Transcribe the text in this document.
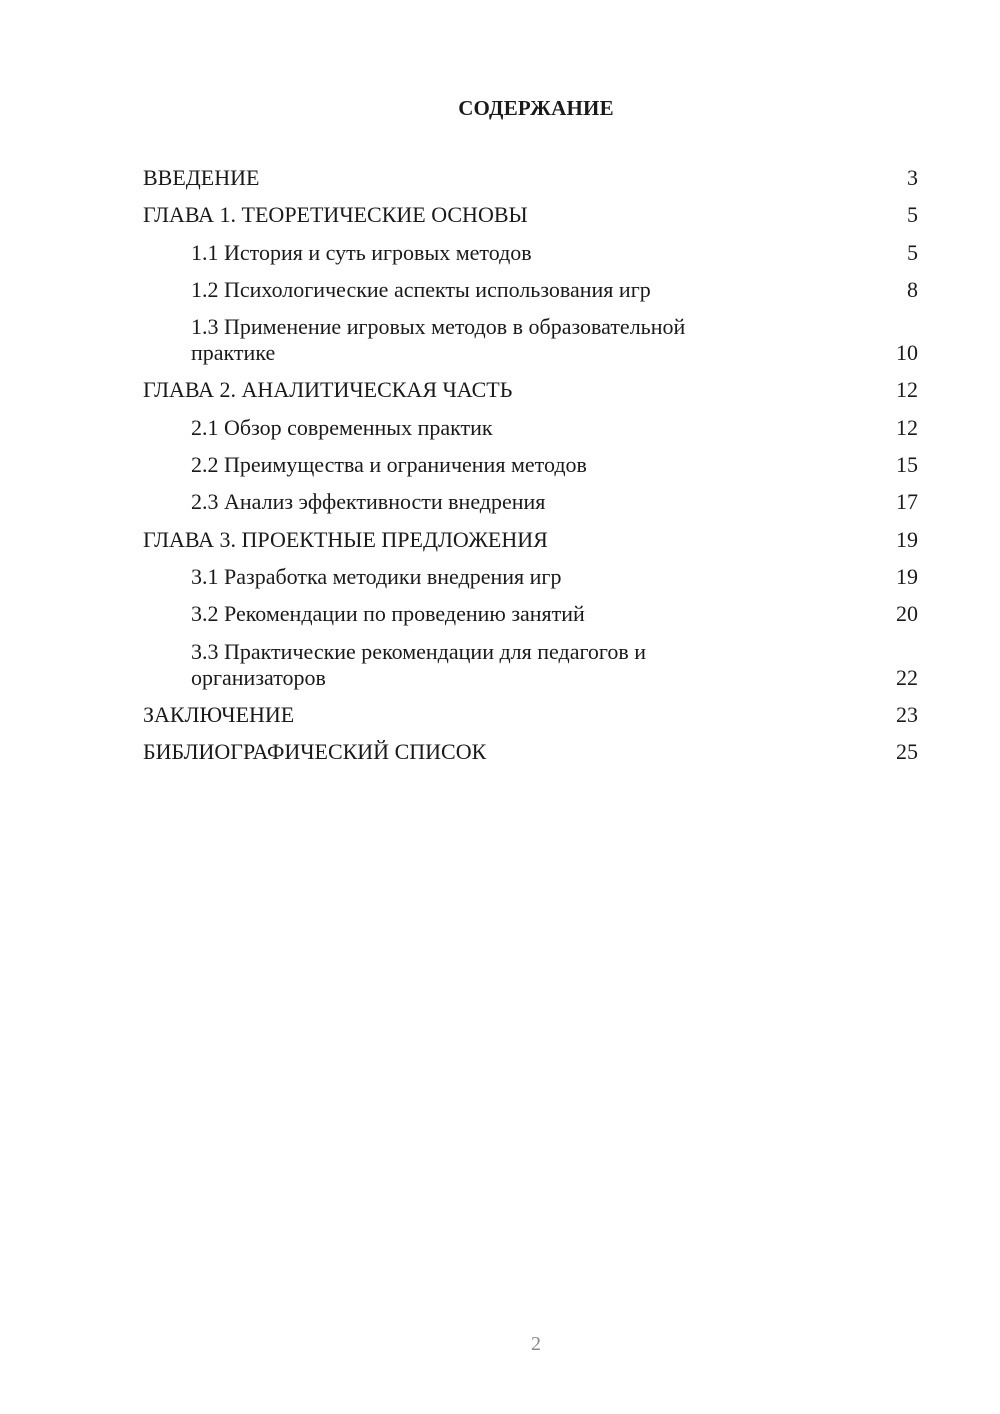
СОДЕРЖАНИЕ
ВВЕДЕНИЕ	3
ГЛАВА 1. ТЕОРЕТИЧЕСКИЕ ОСНОВЫ	5
1.1 История и суть игровых методов	5
1.2 Психологические аспекты использования игр	8
1.3 Применение игровых методов в образовательной практике	10
ГЛАВА 2. АНАЛИТИЧЕСКАЯ ЧАСТЬ	12
2.1 Обзор современных практик	12
2.2 Преимущества и ограничения методов	15
2.3 Анализ эффективности внедрения	17
ГЛАВА 3. ПРОЕКТНЫЕ ПРЕДЛОЖЕНИЯ	19
3.1 Разработка методики внедрения игр	19
3.2 Рекомендации по проведению занятий	20
3.3 Практические рекомендации для педагогов и организаторов	22
ЗАКЛЮЧЕНИЕ	23
БИБЛИОГРАФИЧЕСКИЙ СПИСОК	25
2
